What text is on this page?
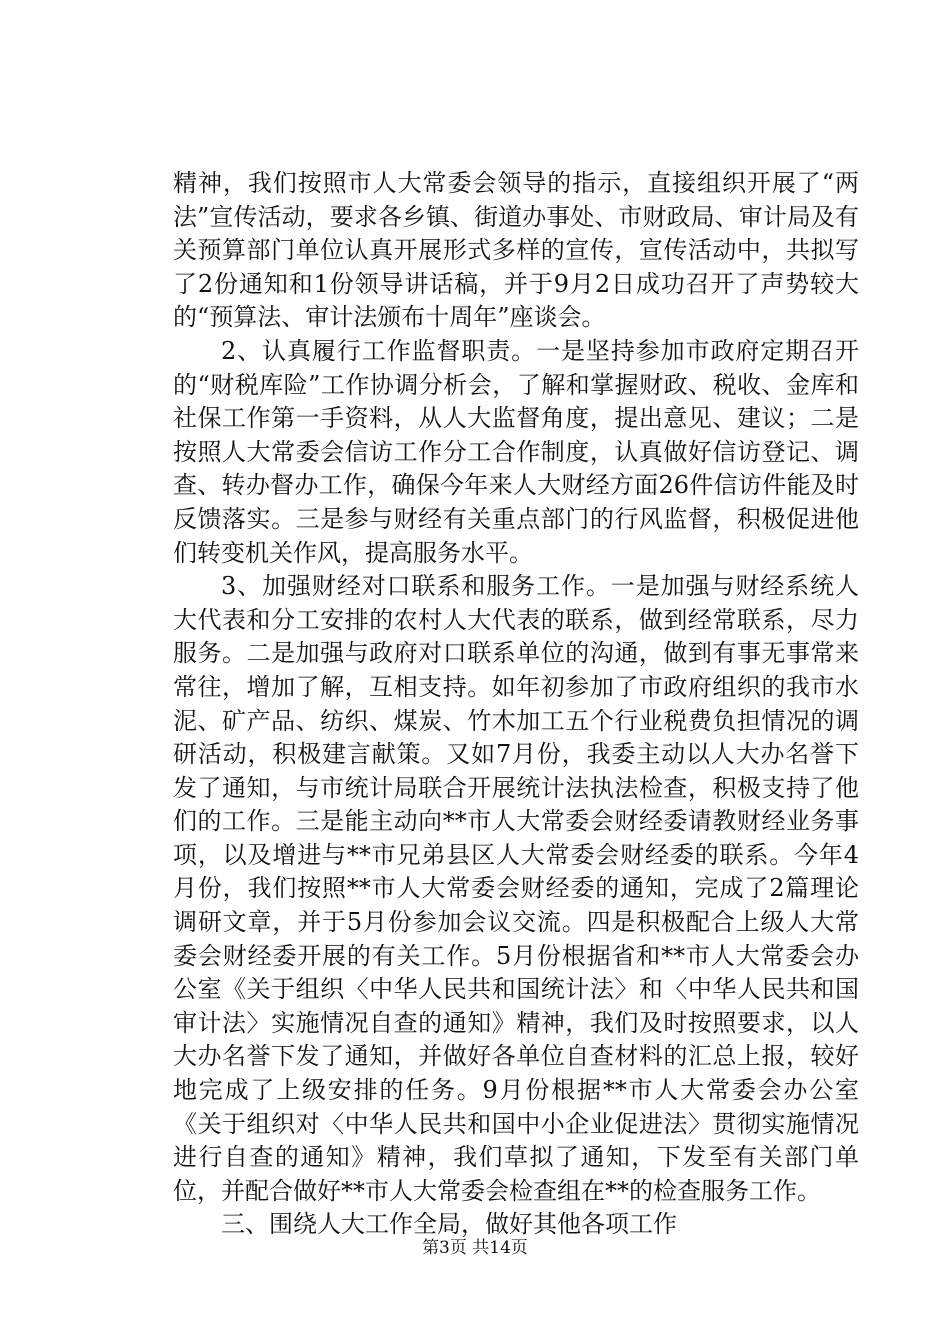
精神，我们按照市人大常委会领导的指示，直接组织开展了“两法”宣传活动，要求各乡镇、街道办事处、市财政局、审计局及有关预算部门单位认真开展形式多样的宣传，宣传活动中，共拟写了2份通知和1份领导讲话稿，并于9月2日成功召开了声势较大的“预算法、审计法颁布十周年”座谈会。

2、认真履行工作监督职责。一是坚持参加市政府定期召开的“财税库险”工作协调分析会，了解和掌握财政、税收、金库和社保工作第一手资料，从人大监督角度，提出意见、建议；二是按照人大常委会信访工作分工合作制度，认真做好信访登记、调查、转办督办工作，确保今年来人大财经方面26件信访件能及时反馈落实。三是参与财经有关重点部门的行风监督，积极促进他们转变机关作风，提高服务水平。

3、加强财经对口联系和服务工作。一是加强与财经系统人大代表和分工安排的农村人大代表的联系，做到经常联系，尽力服务。二是加强与政府对口联系单位的沟通，做到有事无事常来常往，增加了解，互相支持。如年初参加了市政府组织的我市水泥、矿产品、纺织、煤炭、竹木加工五个行业税费负担情况的调研活动，积极建言献策。又如7月份，我委主动以人大办名誉下发了通知，与市统计局联合开展统计法执法检查，积极支持了他们的工作。三是能主动向**市人大常委会财经委请教财经业务事项，以及增进与**市兄弟县区人大常委会财经委的联系。今年4月份，我们按照**市人大常委会财经委的通知，完成了2篇理论调研文章，并于5月份参加会议交流。四是积极配合上级人大常委会财经委开展的有关工作。5月份根据省和**市人大常委会办公室《关于组织〈中华人民共和国统计法〉和〈中华人民共和国审计法〉实施情况自查的通知》精神，我们及时按照要求，以人大办名誉下发了通知，并做好各单位自查材料的汇总上报，较好地完成了上级安排的任务。9月份根据**市人大常委会办公室《关于组织对〈中华人民共和国中小企业促进法〉贯彻实施情况进行自查的通知》精神，我们草拟了通知，下发至有关部门单位，并配合做好**市人大常委会检查组在**的检查服务工作。

三、围绕人大工作全局，做好其他各项工作

第3页 共14页
